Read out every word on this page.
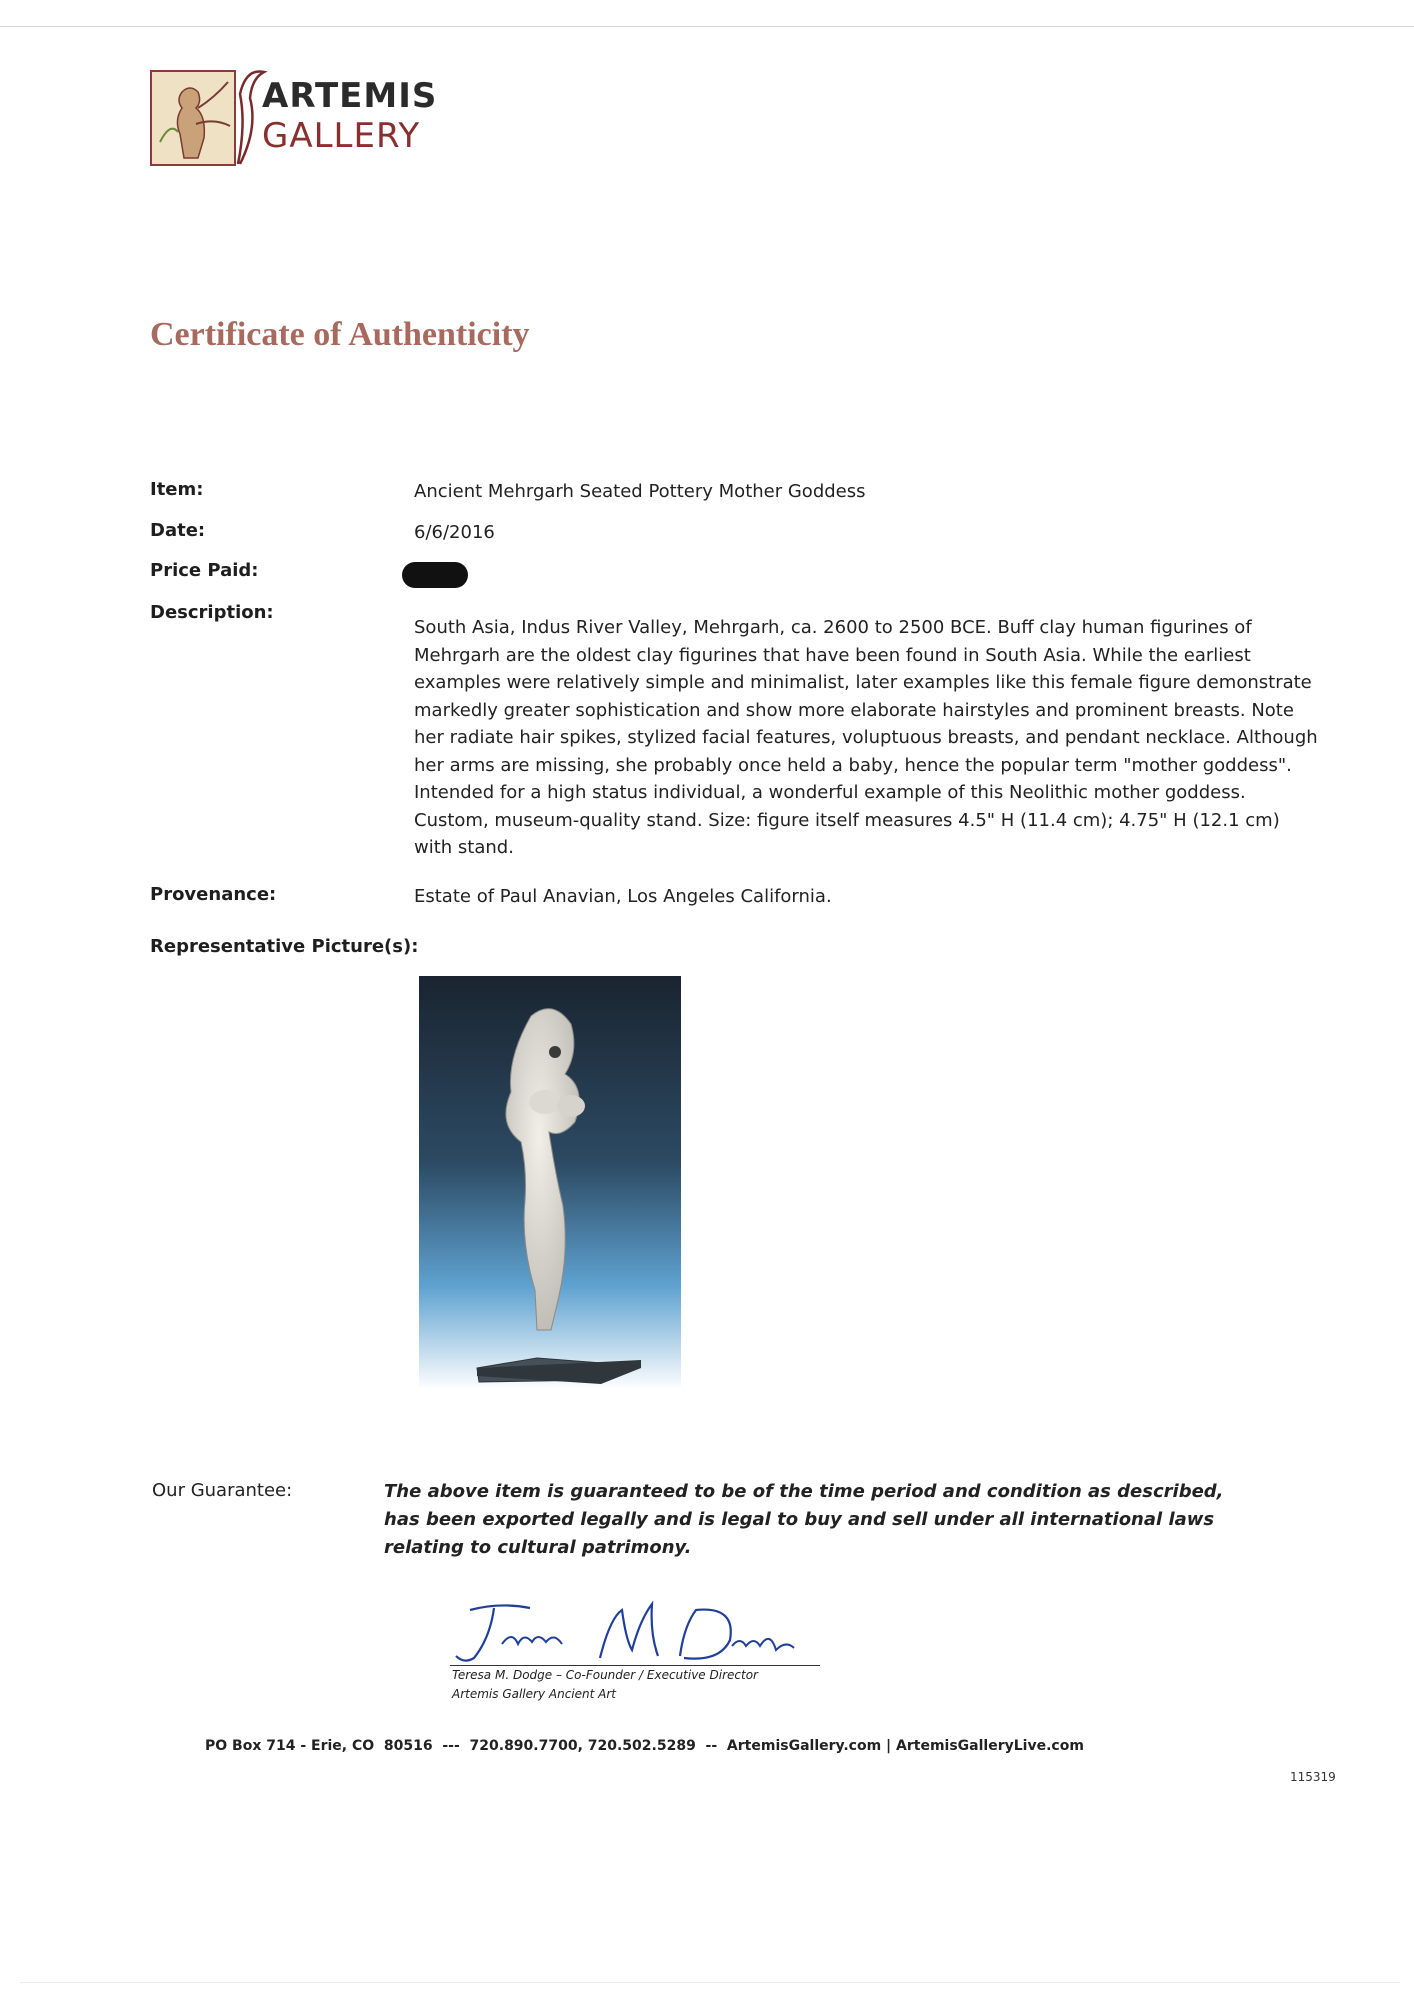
ARTEMIS
GALLERY
Certificate of Authenticity
Item:	Ancient Mehrgarh Seated Pottery Mother Goddess
Date:	6/6/2016
Price Paid:
Description:
South Asia, Indus River Valley, Mehrgarh, ca. 2600 to 2500 BCE. Buff clay human figurines of Mehrgarh are the oldest clay figurines that have been found in South Asia. While the earliest examples were relatively simple and minimalist, later examples like this female figure demonstrate markedly greater sophistication and show more elaborate hairstyles and prominent breasts. Note her radiate hair spikes, stylized facial features, voluptuous breasts, and pendant necklace. Although her arms are missing, she probably once held a baby, hence the popular term "mother goddess". Intended for a high status individual, a wonderful example of this Neolithic mother goddess. Custom, museum-quality stand. Size: figure itself measures 4.5" H (11.4 cm); 4.75" H (12.1 cm) with stand.
Provenance:	Estate of Paul Anavian, Los Angeles California.
Representative Picture(s):
Our Guarantee:	The above item is guaranteed to be of the time period and condition as described, has been exported legally and is legal to buy and sell under all international laws relating to cultural patrimony.
Teresa M. Dodge – Co-Founder / Executive Director
Artemis Gallery Ancient Art
PO Box 714 - Erie, CO  80516  ---  720.890.7700, 720.502.5289  --  ArtemisGallery.com | ArtemisGalleryLive.com
115319
